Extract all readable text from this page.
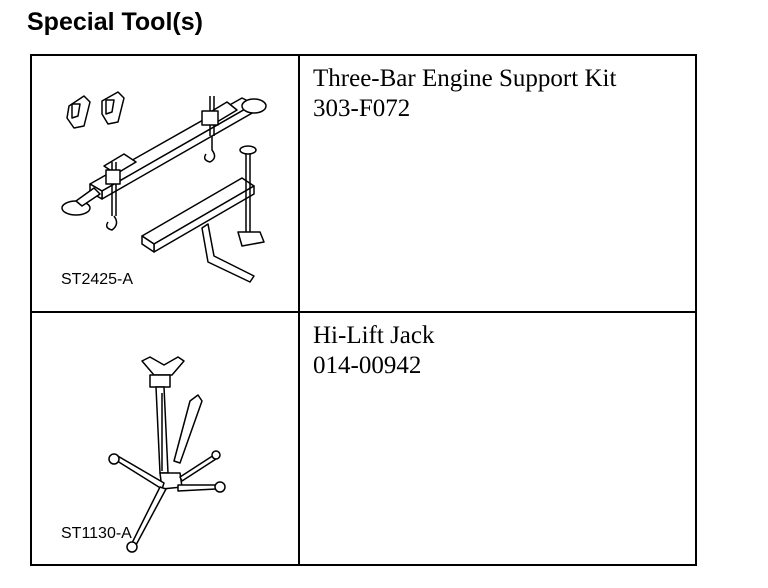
Special Tool(s)
ST2425-A
Three-Bar Engine Support Kit
303-F072
ST1130-A
Hi-Lift Jack
014-00942
